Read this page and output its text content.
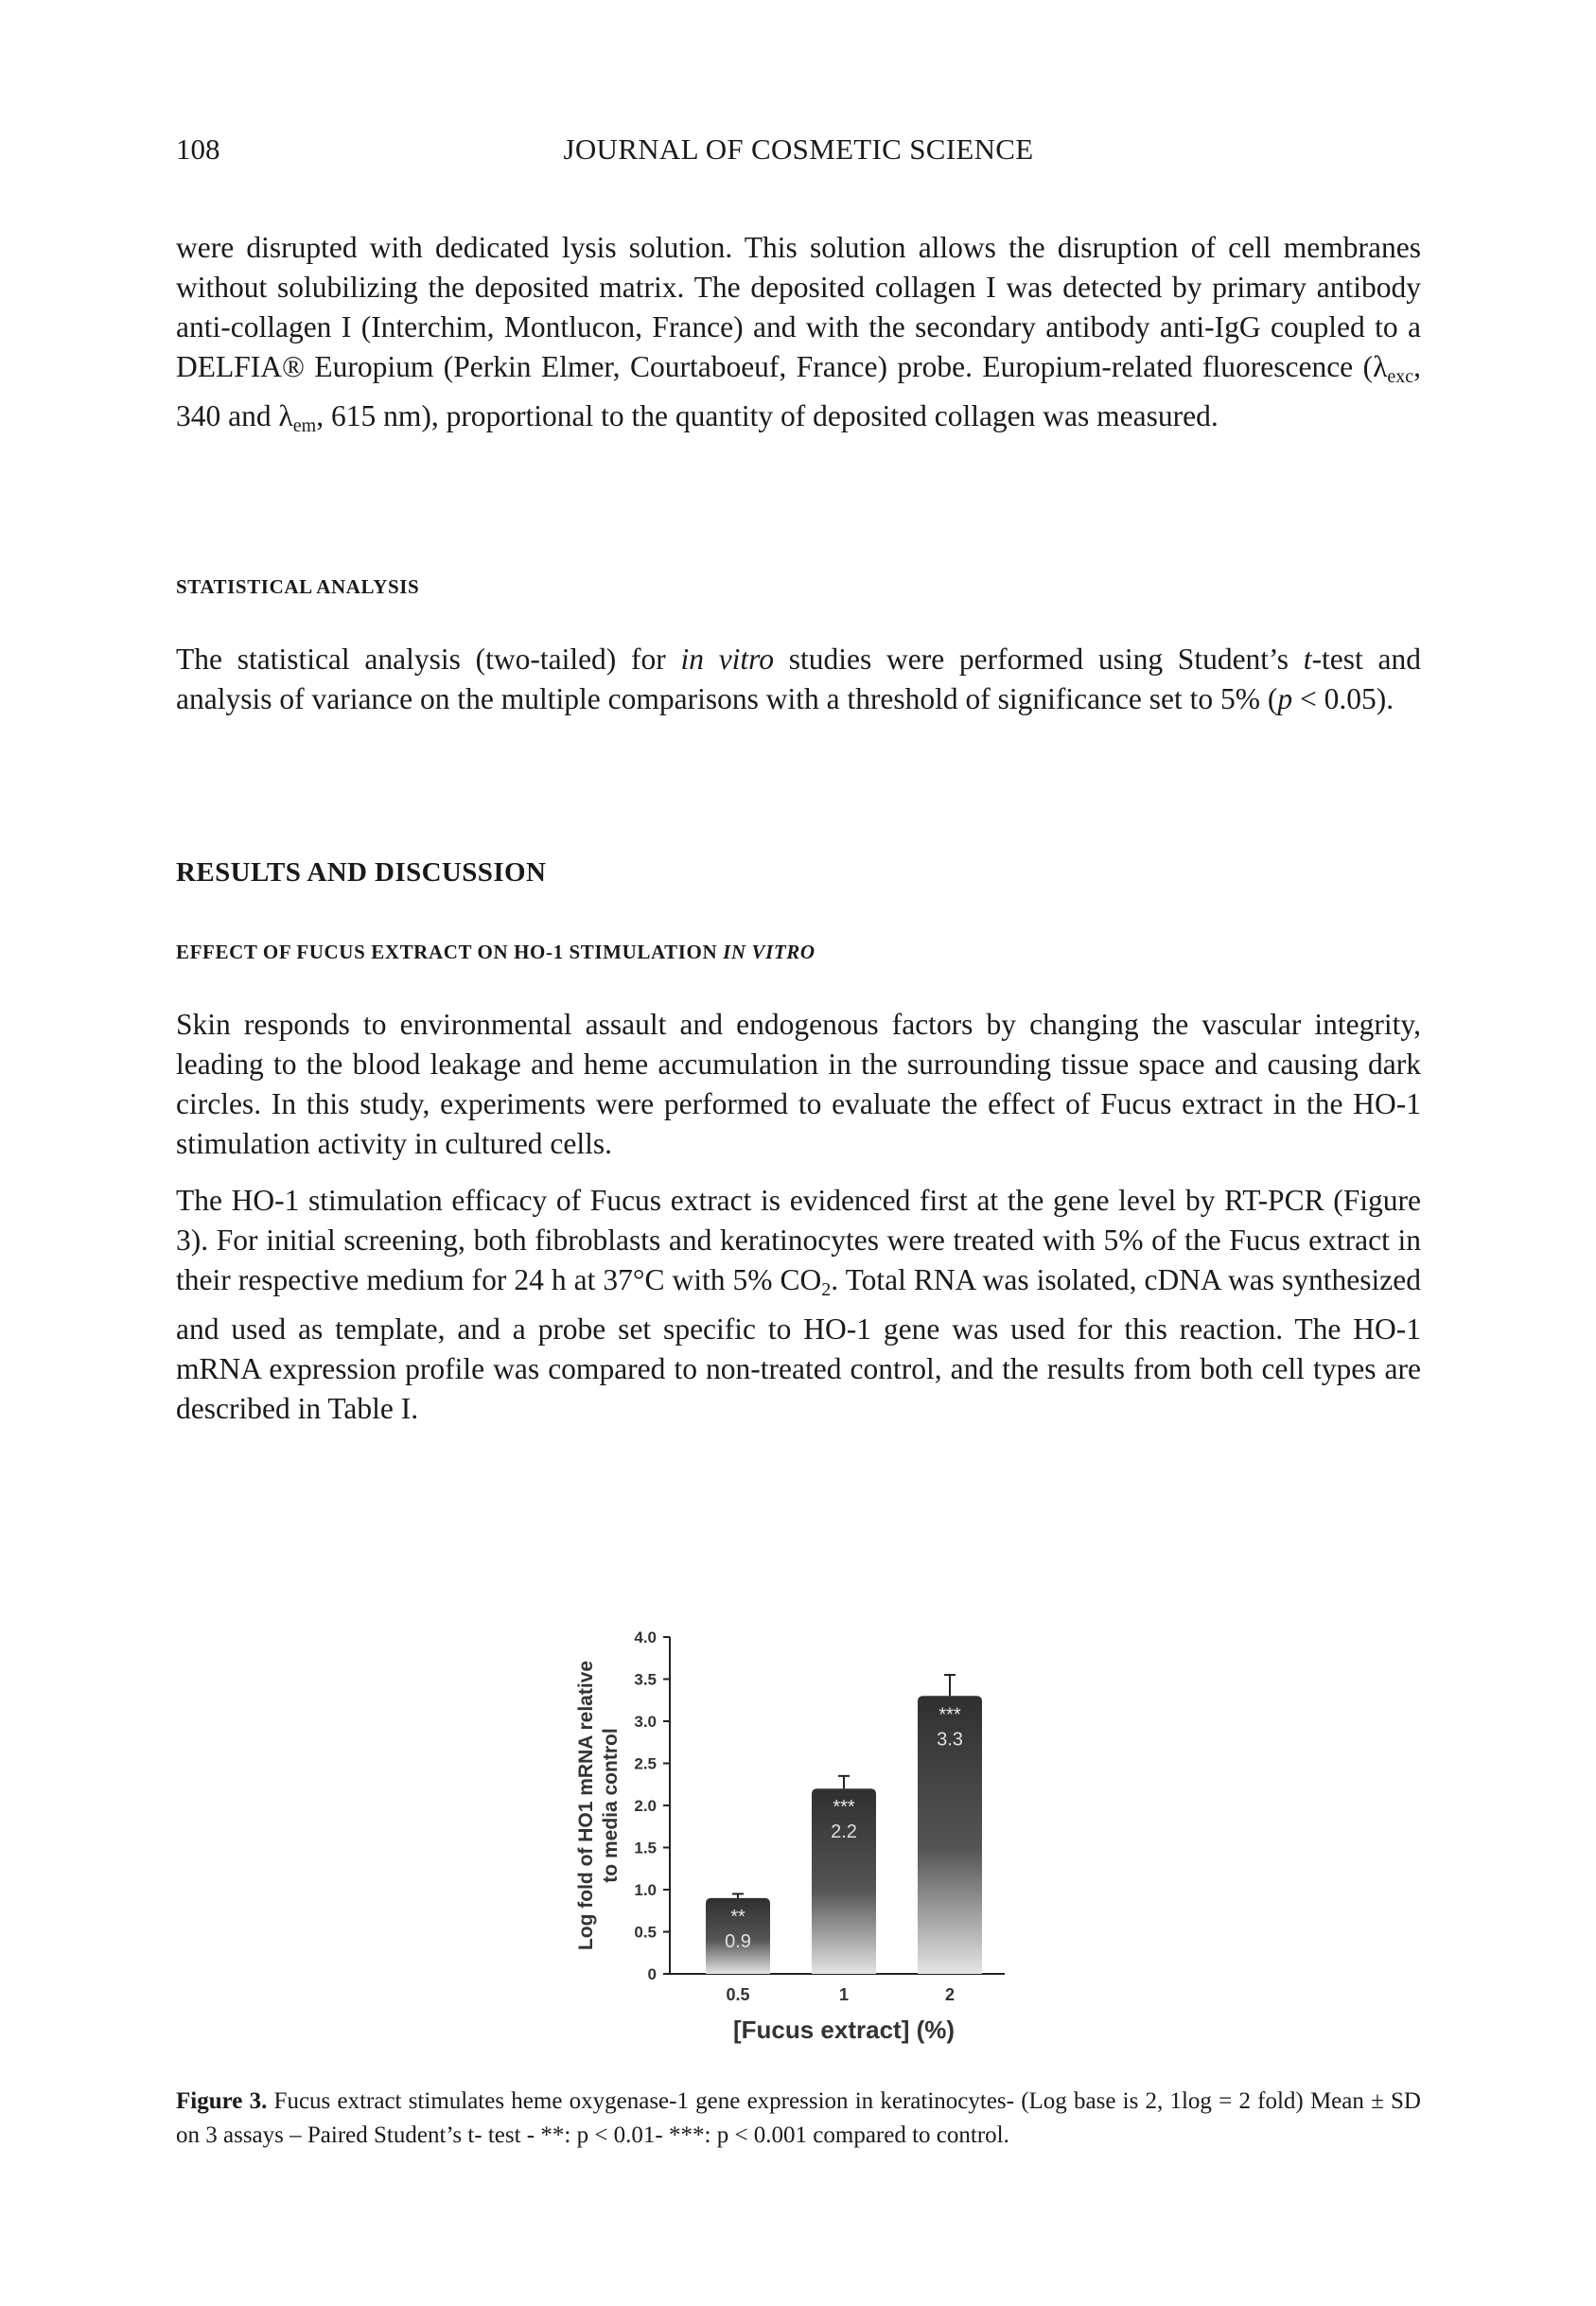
108	JOURNAL OF COSMETIC SCIENCE

were disrupted with dedicated lysis solution. This solution allows the disruption of cell membranes without solubilizing the deposited matrix. The deposited collagen I was detected by primary antibody anti-collagen I (Interchim, Montlucon, France) and with the secondary antibody anti-IgG coupled to a DELFIA® Europium (Perkin Elmer, Courtaboeuf, France) probe. Europium-related fluorescence ($\lambda_{exc}$, 340 and $\lambda_{em}$, 615 nm), proportional to the quantity of deposited collagen was measured.

STATISTICAL ANALYSIS

The statistical analysis (two-tailed) for in vitro studies were performed using Student’s t-test and analysis of variance on the multiple comparisons with a threshold of significance set to 5% (p < 0.05).

RESULTS AND DISCUSSION
EFFECT OF FUCUS EXTRACT ON HO-1 STIMULATION IN VITRO

Skin responds to environmental assault and endogenous factors by changing the vascular integrity, leading to the blood leakage and heme accumulation in the surrounding tissue space and causing dark circles. In this study, experiments were performed to evaluate the effect of Fucus extract in the HO-1 stimulation activity in cultured cells.

The HO-1 stimulation efficacy of Fucus extract is evidenced first at the gene level by RT-PCR (Figure 3). For initial screening, both fibroblasts and keratinocytes were treated with 5% of the Fucus extract in their respective medium for 24 h at 37°C with 5% $CO_2$. Total RNA was isolated, cDNA was synthesized and used as template, and a probe set specific to HO-1 gene was used for this reaction. The HO-1 mRNA expression profile was compared to non-treated control, and the results from both cell types are described in Table I.

0
0.5
1.0
1.5
2.0
2.5
3.0
3.5
4.0
Log fold of HO1 mRNA relative to media control
**
0.9
0.5
***
2.2
1
***
3.3
2
[Fucus extract] (%)

Figure 3. Fucus extract stimulates heme oxygenase-1 gene expression in keratinocytes- (Log base is 2, 1log = 2 fold) Mean ± SD on 3 assays – Paired Student’s t- test - **: p < 0.01- ***: p < 0.001 compared to control.
